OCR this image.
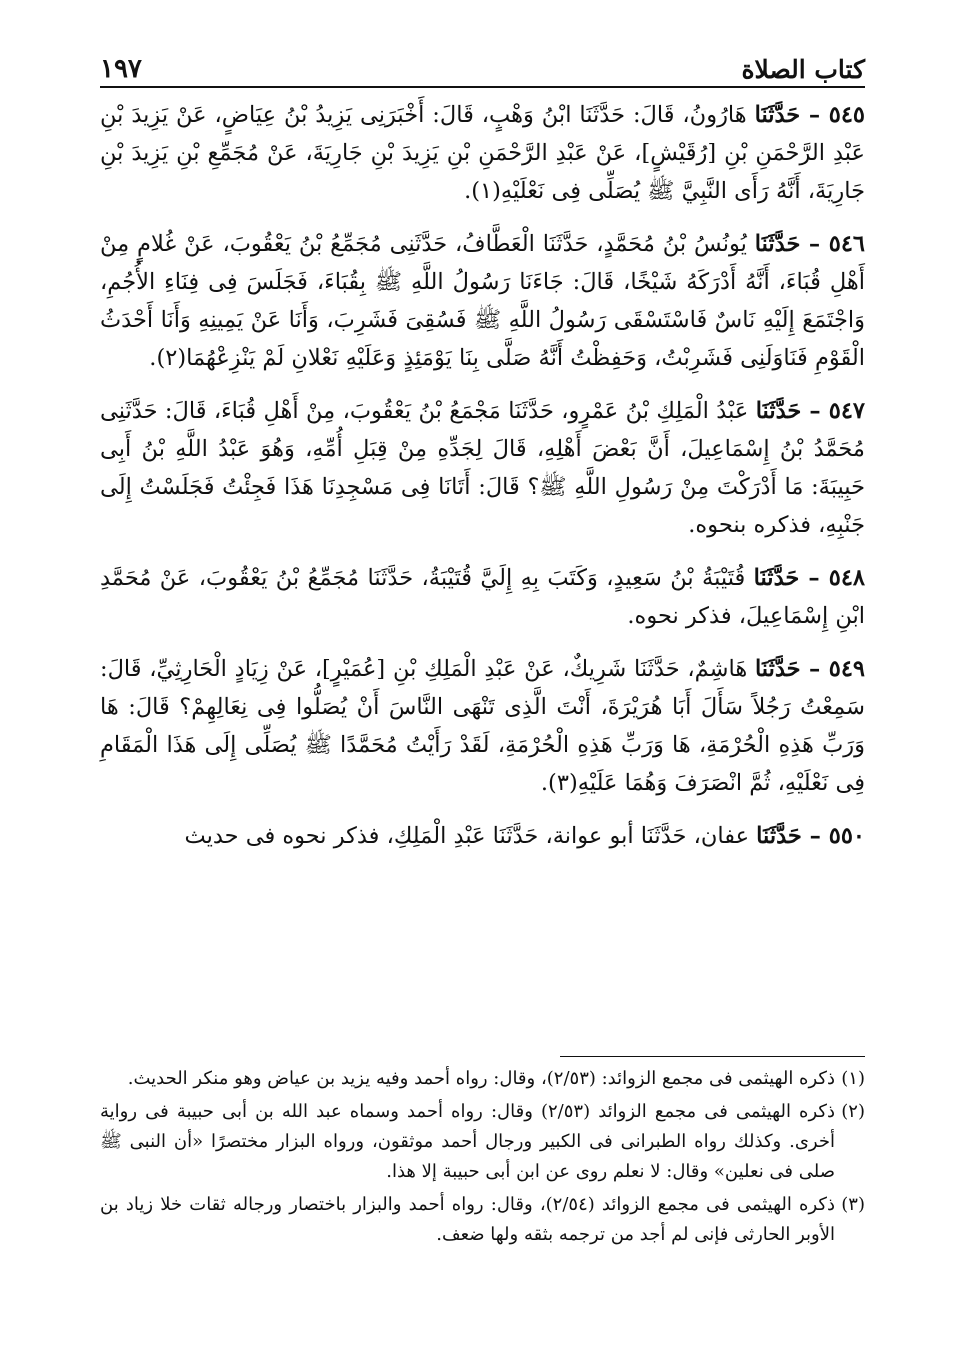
كتاب الصلاة
١٩٧

٥٤٥ – حَدَّثَنَا هَارُونُ، قَالَ: حَدَّثَنَا ابْنُ وَهْبٍ، قَالَ: أَخْبَرَنِى يَزِيدُ بْنُ عِيَاضٍ، عَنْ يَزِيدَ بْنِ عَبْدِ الرَّحْمَنِ بْنِ [رُقَيْشٍ]، عَنْ عَبْدِ الرَّحْمَنِ بْنِ يَزِيدَ بْنِ جَارِيَةَ، عَنْ مُجَمِّعِ بْنِ يَزِيدَ بْنِ جَارِيَةَ، أَنَّهُ رَأَى النَّبِيَّ ﷺ يُصَلِّى فِى نَعْلَيْهِ(١).

٥٤٦ – حَدَّثَنَا يُونُسُ بْنُ مُحَمَّدٍ، حَدَّثَنَا الْعَطَّافُ، حَدَّثَنِى مُجَمِّعُ بْنُ يَعْقُوبَ، عَنْ غُلامٍ مِنْ أَهْلِ قُبَاءَ، أَنَّهُ أَدْرَكَهُ شَيْخًا، قَالَ: جَاءَنَا رَسُولُ اللَّهِ ﷺ بِقُبَاءَ، فَجَلَسَ فِى فِنَاءِ الأُجُمِ، وَاجْتَمَعَ إِلَيْهِ نَاسٌ فَاسْتَسْقَى رَسُولُ اللَّهِ ﷺ فَسُقِىَ فَشَرِبَ، وَأَنَا عَنْ يَمِينِهِ وَأَنَا أَحْدَثُ الْقَوْمِ فَنَاوَلَنِى فَشَرِبْتُ، وَحَفِظْتُ أَنَّهُ صَلَّى بِنَا يَوْمَئِذٍ وَعَلَيْهِ نَعْلانِ لَمْ يَنْزِعْهُمَا(٢).

٥٤٧ – حَدَّثَنَا عَبْدُ الْمَلِكِ بْنُ عَمْرٍو، حَدَّثَنَا مَجْمَعُ بْنُ يَعْقُوبَ، مِنْ أَهْلِ قُبَاءَ، قَالَ: حَدَّثَنِى مُحَمَّدُ بْنُ إِسْمَاعِيلَ، أَنَّ بَعْضَ أَهْلِهِ، قَالَ لِجَدِّهِ مِنْ قِبَلِ أُمِّهِ، وَهُوَ عَبْدُ اللَّهِ بْنُ أَبِى حَبِيبَةَ: مَا أَدْرَكْتَ مِنْ رَسُولِ اللَّهِ ﷺ؟ قَالَ: أَتَانَا فِى مَسْجِدِنَا هَذَا فَجِئْتُ فَجَلَسْتُ إِلَى جَنْبِهِ، فذكره بنحوه.

٥٤٨ – حَدَّثَنَا قُتَيْبَةُ بْنُ سَعِيدٍ، وَكَتَبَ بِهِ إِلَيَّ قُتَيْبَةُ، حَدَّثَنَا مُجَمِّعُ بْنُ يَعْقُوبَ، عَنْ مُحَمَّدِ ابْنِ إِسْمَاعِيلَ، فذكر نحوه.

٥٤٩ – حَدَّثَنَا هَاشِمٌ، حَدَّثَنَا شَرِيكٌ، عَنْ عَبْدِ الْمَلِكِ بْنِ [عُمَيْرٍ]، عَنْ زِيَادٍ الْحَارِثِيِّ، قَالَ: سَمِعْتُ رَجُلاً سَأَلَ أَبَا هُرَيْرَةَ، أَنْتَ الَّذِى تَنْهَى النَّاسَ أَنْ يُصَلُّوا فِى نِعَالِهِمْ؟ قَالَ: هَا وَرَبِّ هَذِهِ الْحُرْمَةِ، هَا وَرَبِّ هَذِهِ الْحُرْمَةِ، لَقَدْ رَأَيْتُ مُحَمَّدًا ﷺ يُصَلِّى إِلَى هَذَا الْمَقَامِ فِى نَعْلَيْهِ، ثُمَّ انْصَرَفَ وَهُمَا عَلَيْهِ(٣).

٥٥٠ – حَدَّثَنَا عفان، حَدَّثَنَا أبو عوانة، حَدَّثَنَا عَبْدِ الْمَلِكِ، فذكر نحوه فى حديث

(١)
ذكره الهيثمى فى مجمع الزوائد: (٢/٥٣)، وقال: رواه أحمد وفيه يزيد بن عياض وهو منكر الحديث.
(٢)
ذكره الهيثمى فى مجمع الزوائد (٢/٥٣) وقال: رواه أحمد وسماه عبد الله بن أبى حبيبة فى رواية أخرى. وكذلك رواه الطبرانى فى الكبير ورجال أحمد موثقون، ورواه البزار مختصرًا «أن النبى ﷺ صلى فى نعلين» وقال: لا نعلم روى عن ابن أبى حبيبة إلا هذا.
(٣)
ذكره الهيثمى فى مجمع الزوائد (٢/٥٤)، وقال: رواه أحمد والبزار باختصار ورجاله ثقات خلا زياد بن الأوبر الحارثى فإنى لم أجد من ترجمه بثقه ولها ضعف.
